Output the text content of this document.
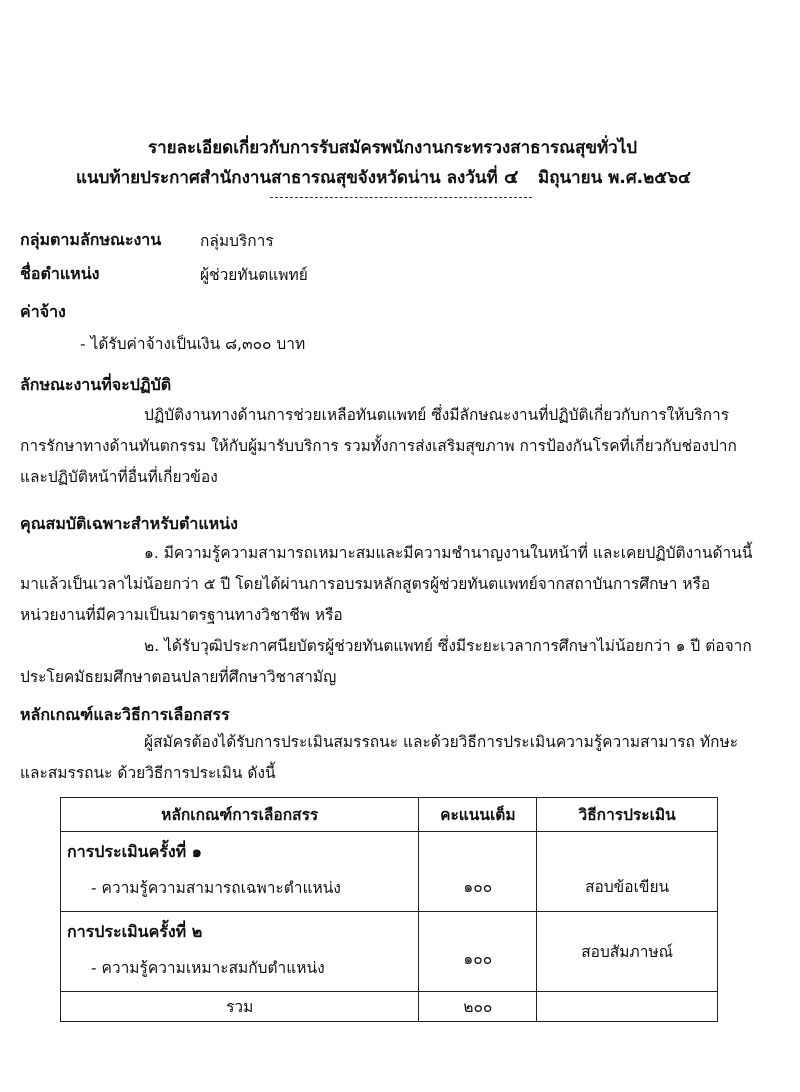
รายละเอียดเกี่ยวกับการรับสมัครพนักงานกระทรวงสาธารณสุขทั่วไป
แนบท้ายประกาศสำนักงานสาธารณสุขจังหวัดน่าน ลงวันที่ ๔ มิถุนายน พ.ศ.๒๕๖๔
กลุ่มตามลักษณะงาน	กลุ่มบริการ
ชื่อตำแหน่ง	ผู้ช่วยทันตแพทย์
ค่าจ้าง
- ได้รับค่าจ้างเป็นเงิน ๘,๓๐๐ บาท
ลักษณะงานที่จะปฏิบัติ
ปฏิบัติงานทางด้านการช่วยเหลือทันตแพทย์ ซึ่งมีลักษณะงานที่ปฏิบัติเกี่ยวกับการให้บริการ
การรักษาทางด้านทันตกรรม ให้กับผู้มารับบริการ รวมทั้งการส่งเสริมสุขภาพ การป้องกันโรคที่เกี่ยวกับช่องปาก
และปฏิบัติหน้าที่อื่นที่เกี่ยวข้อง
คุณสมบัติเฉพาะสำหรับตำแหน่ง
๑. มีความรู้ความสามารถเหมาะสมและมีความชำนาญงานในหน้าที่ และเคยปฏิบัติงานด้านนี้
มาแล้วเป็นเวลาไม่น้อยกว่า ๕ ปี โดยได้ผ่านการอบรมหลักสูตรผู้ช่วยทันตแพทย์จากสถาบันการศึกษา หรือ
หน่วยงานที่มีความเป็นมาตรฐานทางวิชาชีพ หรือ
๒. ได้รับวุฒิประกาศนียบัตรผู้ช่วยทันตแพทย์ ซึ่งมีระยะเวลาการศึกษาไม่น้อยกว่า ๑ ปี ต่อจาก
ประโยคมัธยมศึกษาตอนปลายที่ศึกษาวิชาสามัญ
หลักเกณฑ์และวิธีการเลือกสรร
ผู้สมัครต้องได้รับการประเมินสมรรถนะ และด้วยวิธีการประเมินความรู้ความสามารถ ทักษะ
และสมรรถนะ ด้วยวิธีการประเมิน ดังนี้
หลักเกณฑ์การเลือกสรร	คะแนนเต็ม	วิธีการประเมิน

การประเมินครั้งที่ ๑
- ความรู้ความสามารถเฉพาะตำแหน่ง	๑๐๐	สอบข้อเขียน

การประเมินครั้งที่ ๒
- ความรู้ความเหมาะสมกับตำแหน่ง	๑๐๐	สอบสัมภาษณ์
รวม	๒๐๐	
